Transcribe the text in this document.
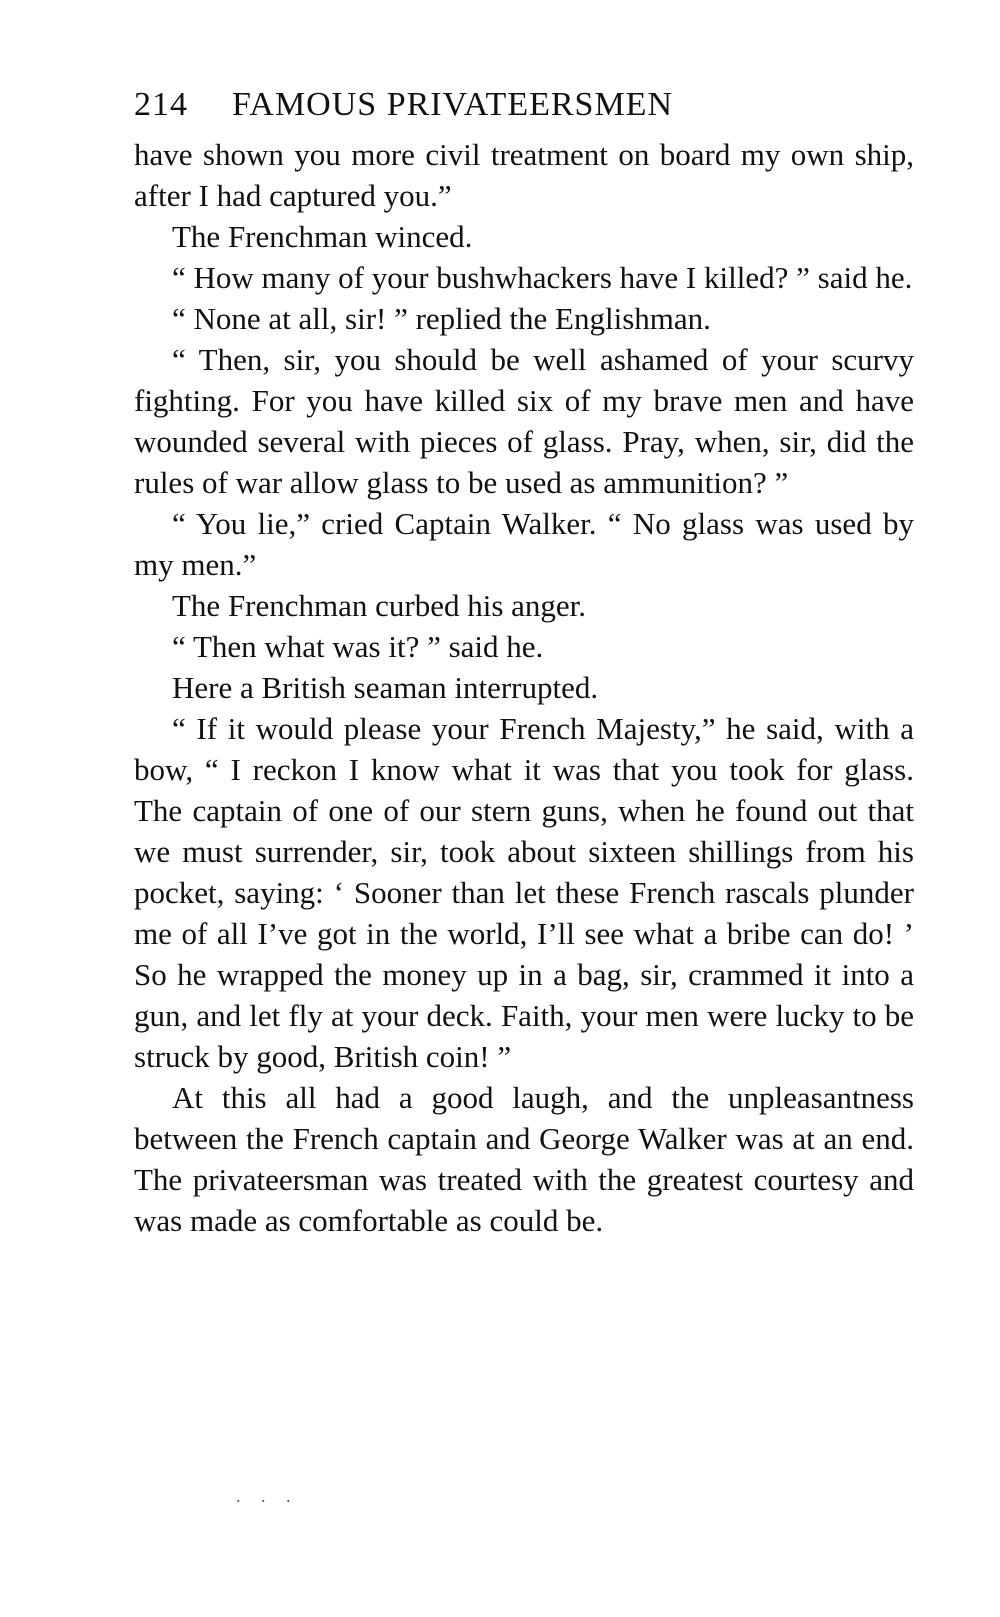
214 FAMOUS PRIVATEERSMEN

have shown you more civil treatment on board my own ship, after I had captured you.”

The Frenchman winced.

“ How many of your bushwhackers have I killed? ” said he.

“ None at all, sir! ” replied the Englishman.

“ Then, sir, you should be well ashamed of your scurvy fighting. For you have killed six of my brave men and have wounded several with pieces of glass. Pray, when, sir, did the rules of war allow glass to be used as ammunition? ”

“ You lie,” cried Captain Walker. “ No glass was used by my men.”

The Frenchman curbed his anger.

“ Then what was it? ” said he.

Here a British seaman interrupted.

“ If it would please your French Majesty,” he said, with a bow, “ I reckon I know what it was that you took for glass. The captain of one of our stern guns, when he found out that we must surrender, sir, took about sixteen shillings from his pocket, saying: ‘ Sooner than let these French rascals plunder me of all I’ve got in the world, I’ll see what a bribe can do! ’ So he wrapped the money up in a bag, sir, crammed it into a gun, and let fly at your deck. Faith, your men were lucky to be struck by good, British coin! ”

At this all had a good laugh, and the unpleasantness between the French captain and George Walker was at an end. The privateersman was treated with the greatest courtesy and was made as comfortable as could be.

. . .
